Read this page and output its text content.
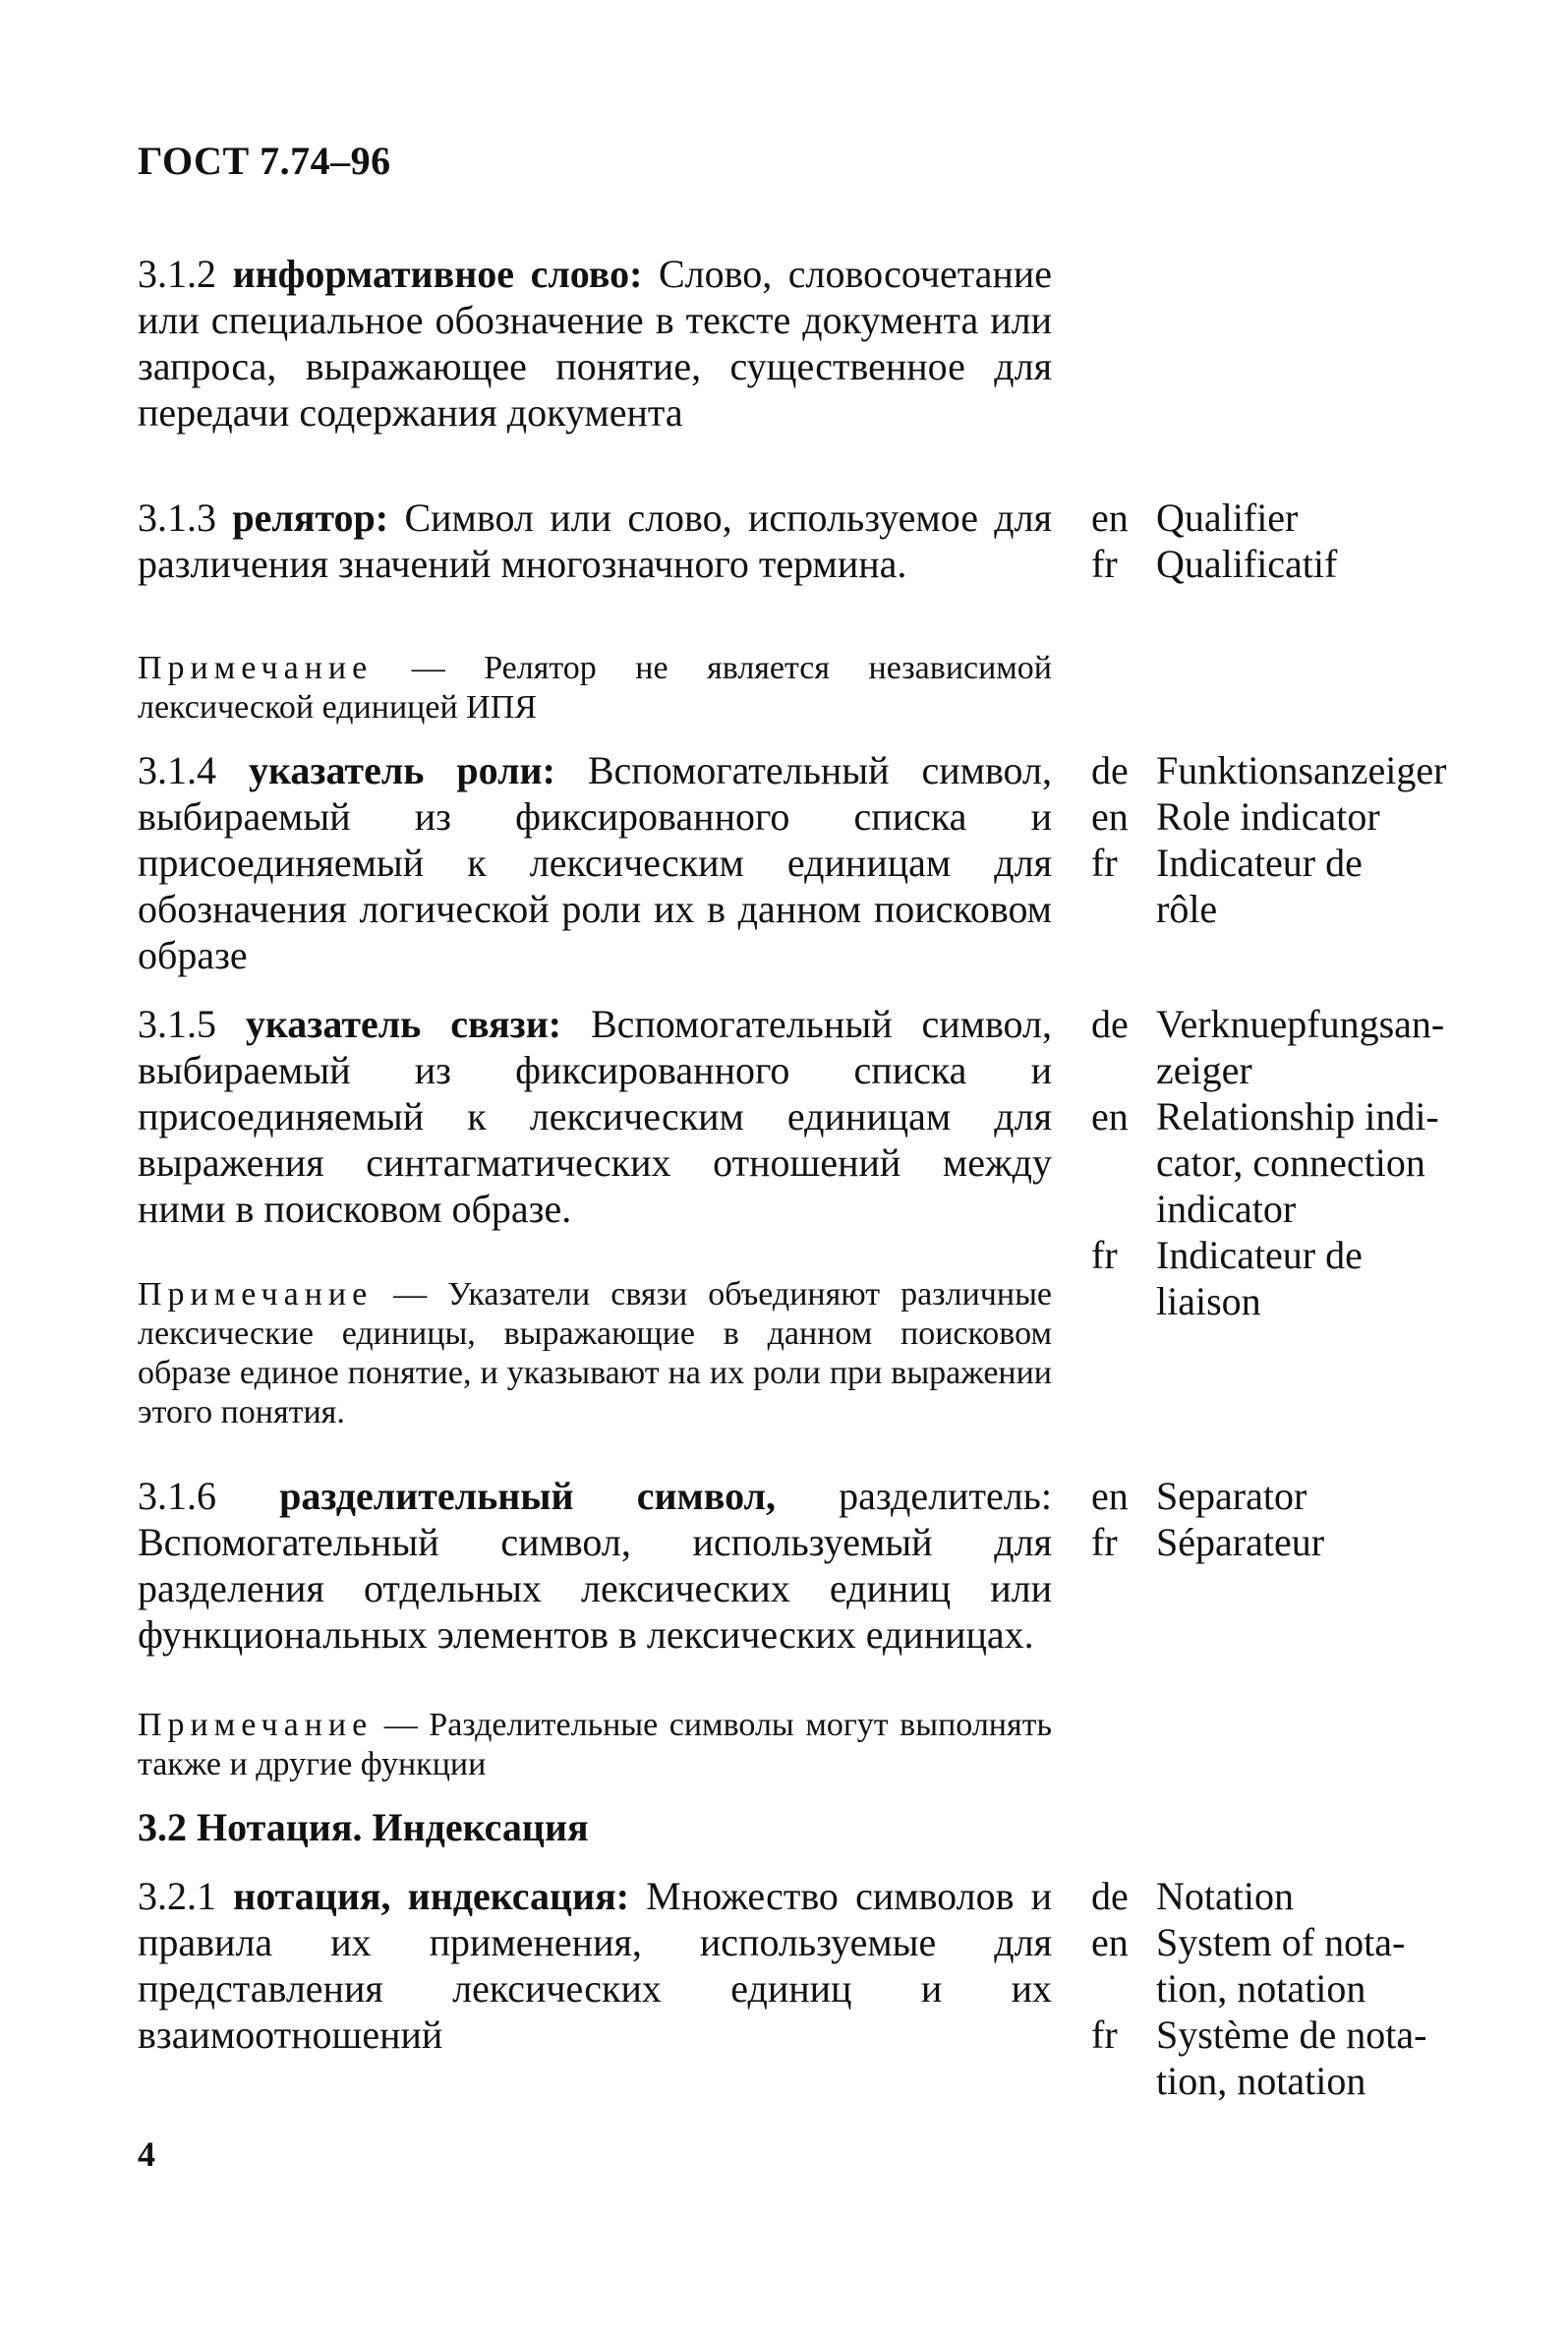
ГОСТ 7.74–96
3.1.2 информативное слово: Слово, словосочетание или специальное обозначение в тексте документа или запроса, выражающее понятие, существенное для передачи содержания документа
3.1.3 релятор: Символ или слово, используемое для различения значений многозначного термина.
en Qualifier
fr Qualificatif
Примечание — Релятор не является независимой лексической единицей ИПЯ
3.1.4 указатель роли: Вспомогательный символ, выбираемый из фиксированного списка и присоединяемый к лексическим единицам для обозначения логической роли их в данном поисковом образе
de Funktionsanzeiger
en Role indicator
fr Indicateur de
rôle
3.1.5 указатель связи: Вспомогательный символ, выбираемый из фиксированного списка и присоединяемый к лексическим единицам для выражения синтагматических отношений между ними в поисковом образе.
de Verknuepfungsan-
zeiger
en Relationship indi-
cator, connection
indicator
fr Indicateur de
liaison
Примечание — Указатели связи объединяют различные лексические единицы, выражающие в данном поисковом образе единое понятие, и указывают на их роли при выражении этого понятия.
3.1.6 разделительный символ, разделитель: Вспомогательный символ, используемый для разделения отдельных лексических единиц или функциональных элементов в лексических единицах.
en Separator
fr Séparateur
Примечание — Разделительные символы могут выполнять также и другие функции
3.2 Нотация. Индексация
3.2.1 нотация, индексация: Множество символов и правила их применения, используемые для представления лексических единиц и их взаимоотношений
de Notation
en System of nota-
tion, notation
fr Système de nota-
tion, notation
4
